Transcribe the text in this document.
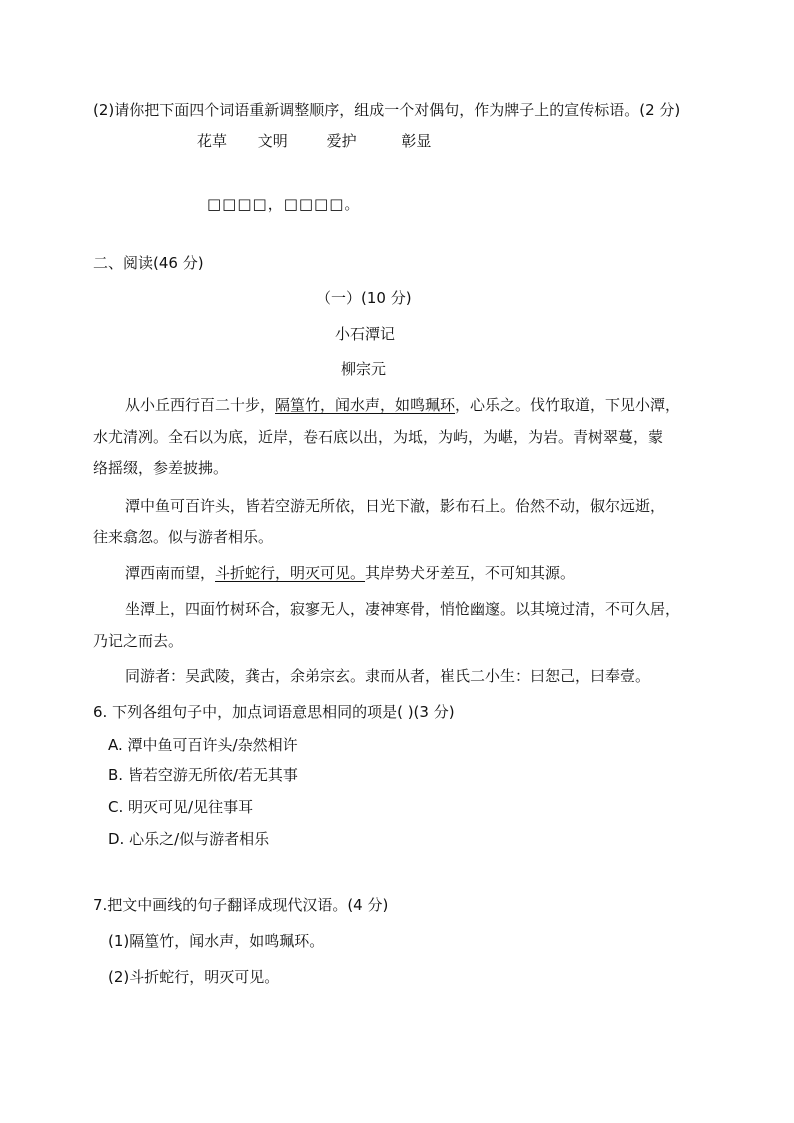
(2)请你把下面四个词语重新调整顺序，组成一个对偶句，作为牌子上的宣传标语。(2 分)
花草 文明	爱护	彰显
□□□□，□□□□。
二、阅读(46 分)
（一）(10 分)
小石潭记
柳宗元
从小丘西行百二十步，隔篁竹，闻水声，如鸣珮环，心乐之。伐竹取道，下见小潭，
水尤清冽。全石以为底，近岸，卷石底以出，为坻，为屿，为嵁，为岩。青树翠蔓，蒙
络摇缀，参差披拂。
潭中鱼可百许头，皆若空游无所依，日光下澈，影布石上。佁然不动，俶尔远逝，
往来翕忽。似与游者相乐。
潭西南而望，斗折蛇行，明灭可见。其岸势犬牙差互，不可知其源。
坐潭上，四面竹树环合，寂寥无人，凄神寒骨，悄怆幽邃。以其境过清，不可久居，
乃记之而去。
同游者：吴武陵，龚古，余弟宗玄。隶而从者，崔氏二小生：曰恕己，曰奉壹。
6. 下列各组句子中，加点词语意思相同的项是( )(3 分)
A. 潭中鱼可百许头/杂然相许
B. 皆若空游无所依/若无其事
C. 明灭可见/见往事耳
D. 心乐之/似与游者相乐
7.把文中画线的句子翻译成现代汉语。(4 分)
(1)隔篁竹，闻水声，如鸣珮环。
(2)斗折蛇行，明灭可见。
